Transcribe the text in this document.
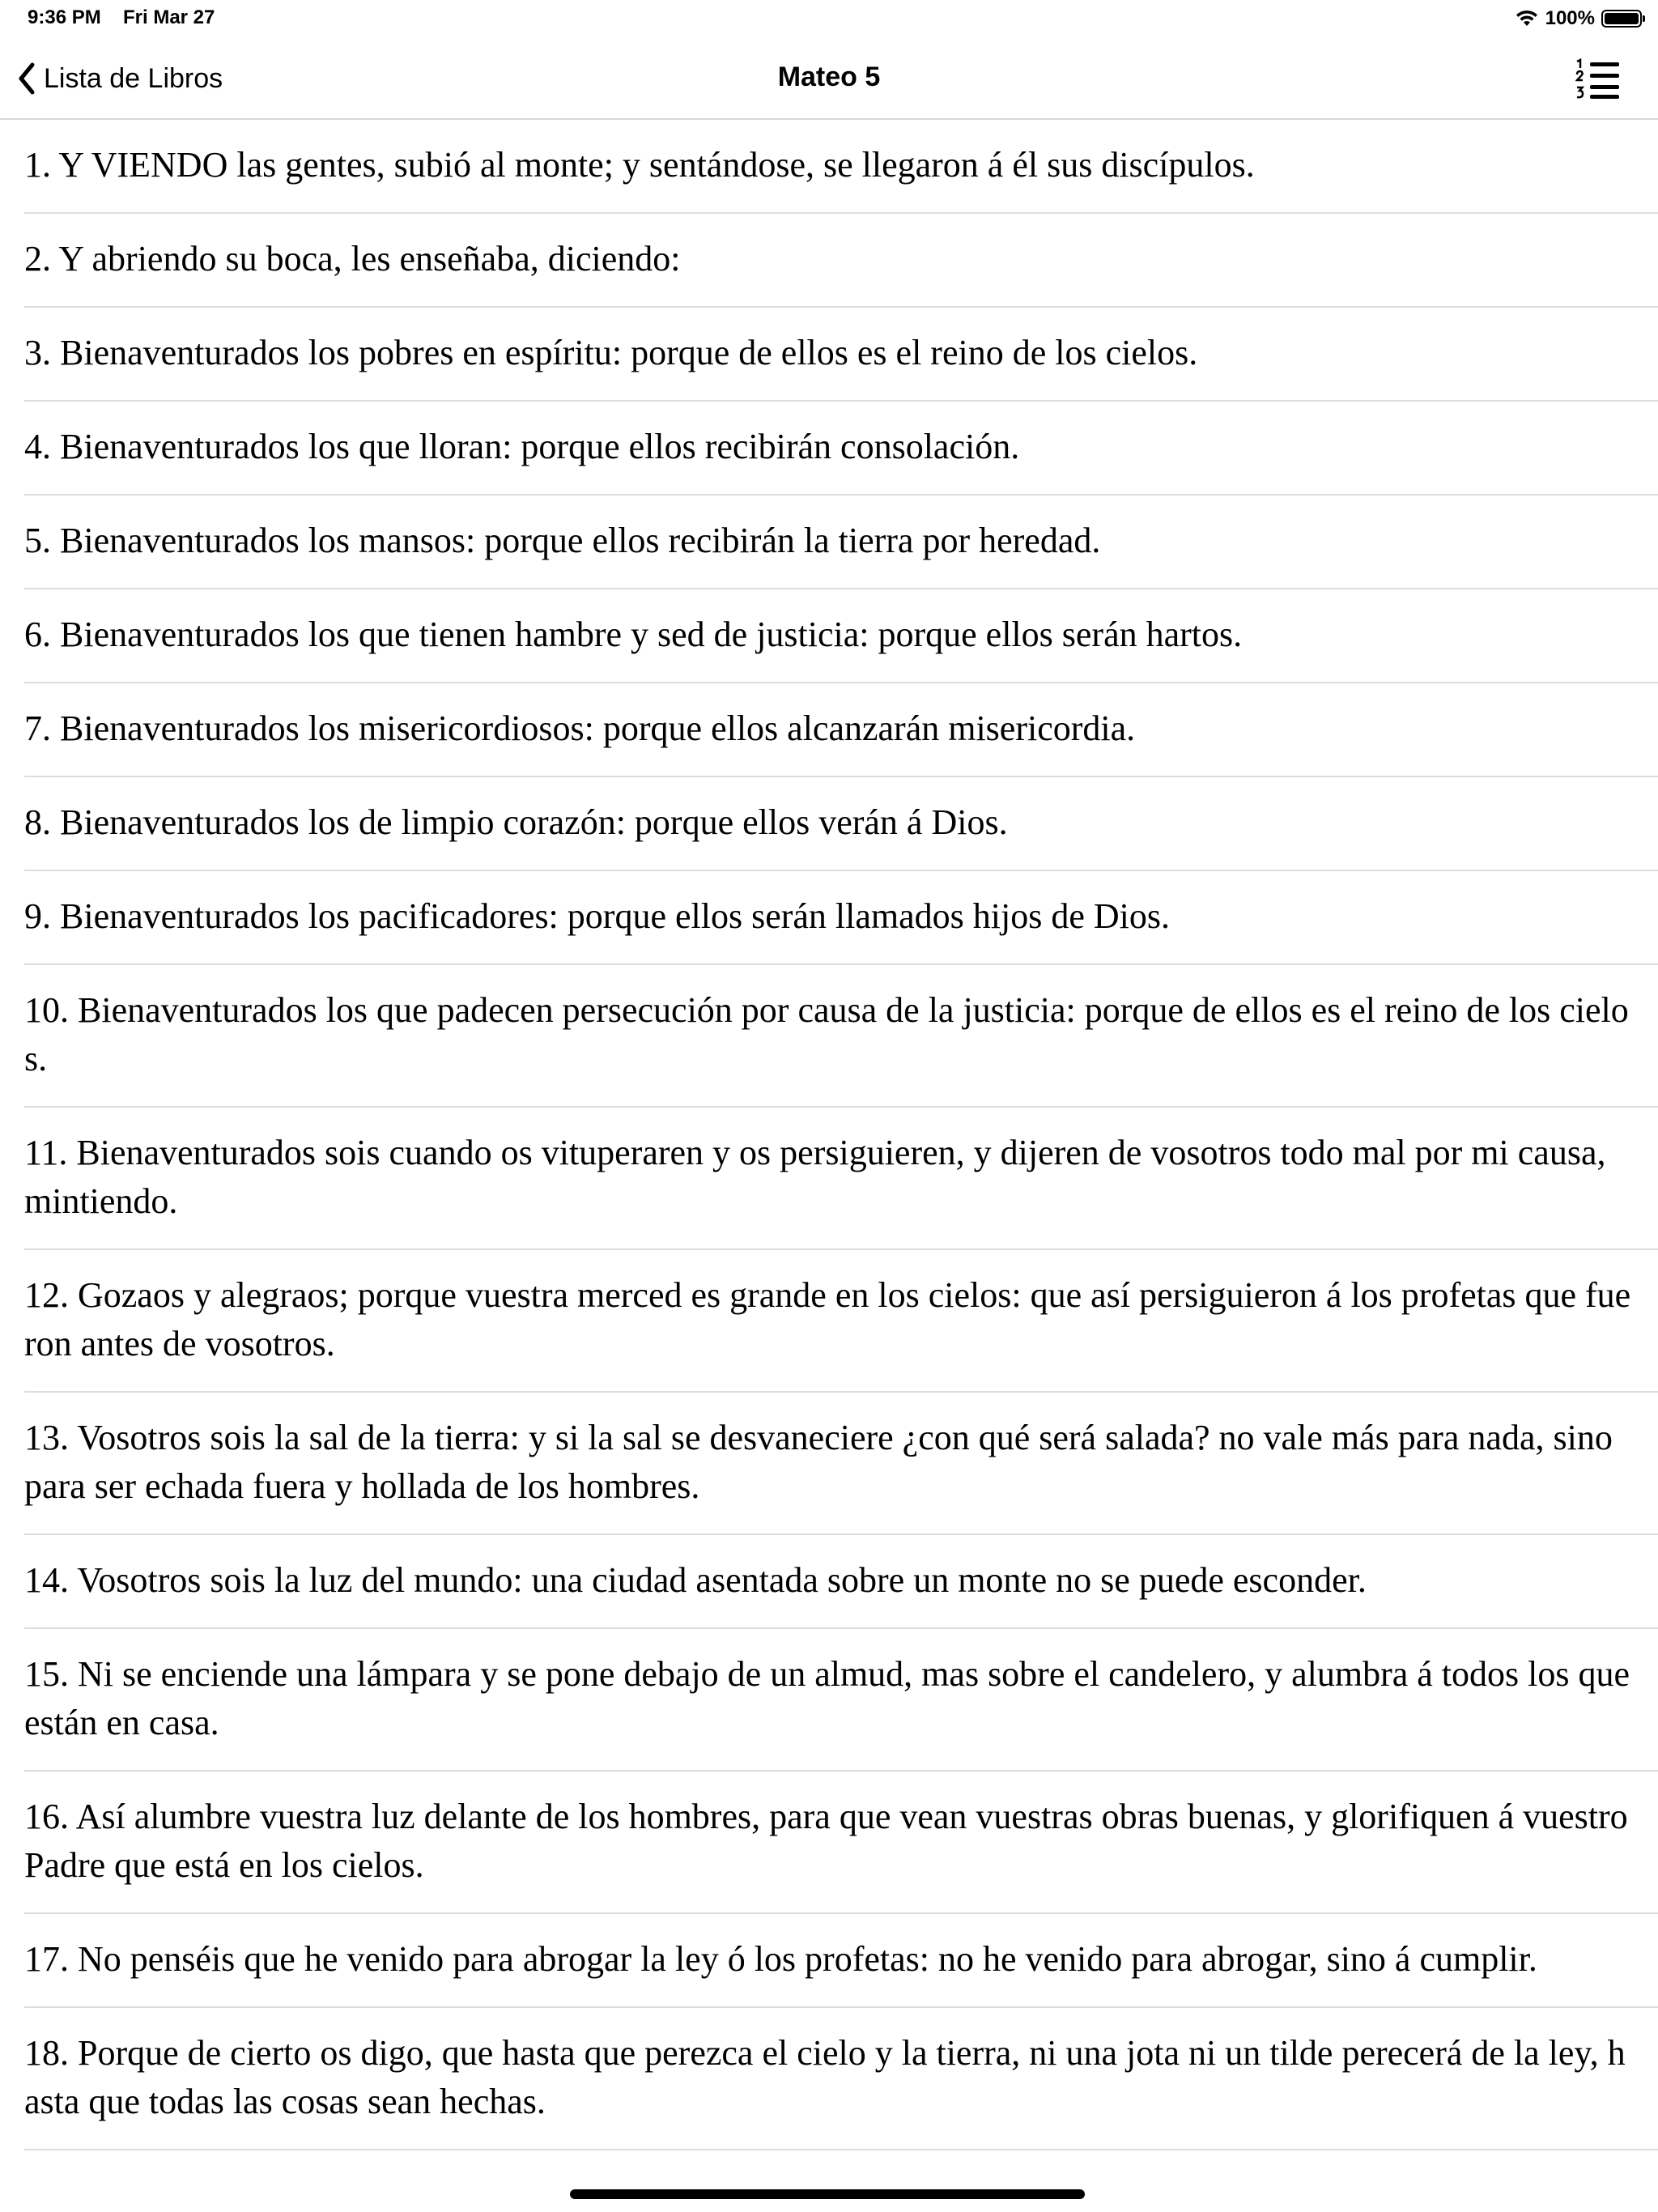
9:36 PM Fri Mar 27	100%
Lista de Libros	Mateo 5
1. Y VIENDO las gentes, subió al monte; y sentándose, se llegaron á él sus discípulos.
2. Y abriendo su boca, les enseñaba, diciendo:
3. Bienaventurados los pobres en espíritu: porque de ellos es el reino de los cielos.
4. Bienaventurados los que lloran: porque ellos recibirán consolación.
5. Bienaventurados los mansos: porque ellos recibirán la tierra por heredad.
6. Bienaventurados los que tienen hambre y sed de justicia: porque ellos serán hartos.
7. Bienaventurados los misericordiosos: porque ellos alcanzarán misericordia.
8. Bienaventurados los de limpio corazón: porque ellos verán á Dios.
9. Bienaventurados los pacificadores: porque ellos serán llamados hijos de Dios.
10. Bienaventurados los que padecen persecución por causa de la justicia: porque de ellos es el reino de los cielos.
11. Bienaventurados sois cuando os vituperaren y os persiguieren, y dijeren de vosotros todo mal por mi causa, mintiendo.
12. Gozaos y alegraos; porque vuestra merced es grande en los cielos: que así persiguieron á los profetas que fueron antes de vosotros.
13. Vosotros sois la sal de la tierra: y si la sal se desvaneciere ¿con qué será salada? no vale más para nada, sino para ser echada fuera y hollada de los hombres.
14. Vosotros sois la luz del mundo: una ciudad asentada sobre un monte no se puede esconder.
15. Ni se enciende una lámpara y se pone debajo de un almud, mas sobre el candelero, y alumbra á todos los que están en casa.
16. Así alumbre vuestra luz delante de los hombres, para que vean vuestras obras buenas, y glorifiquen á vuestro Padre que está en los cielos.
17. No penséis que he venido para abrogar la ley ó los profetas: no he venido para abrogar, sino á cumplir.
18. Porque de cierto os digo, que hasta que perezca el cielo y la tierra, ni una jota ni un tilde perecerá de la ley, hasta que todas las cosas sean hechas.
